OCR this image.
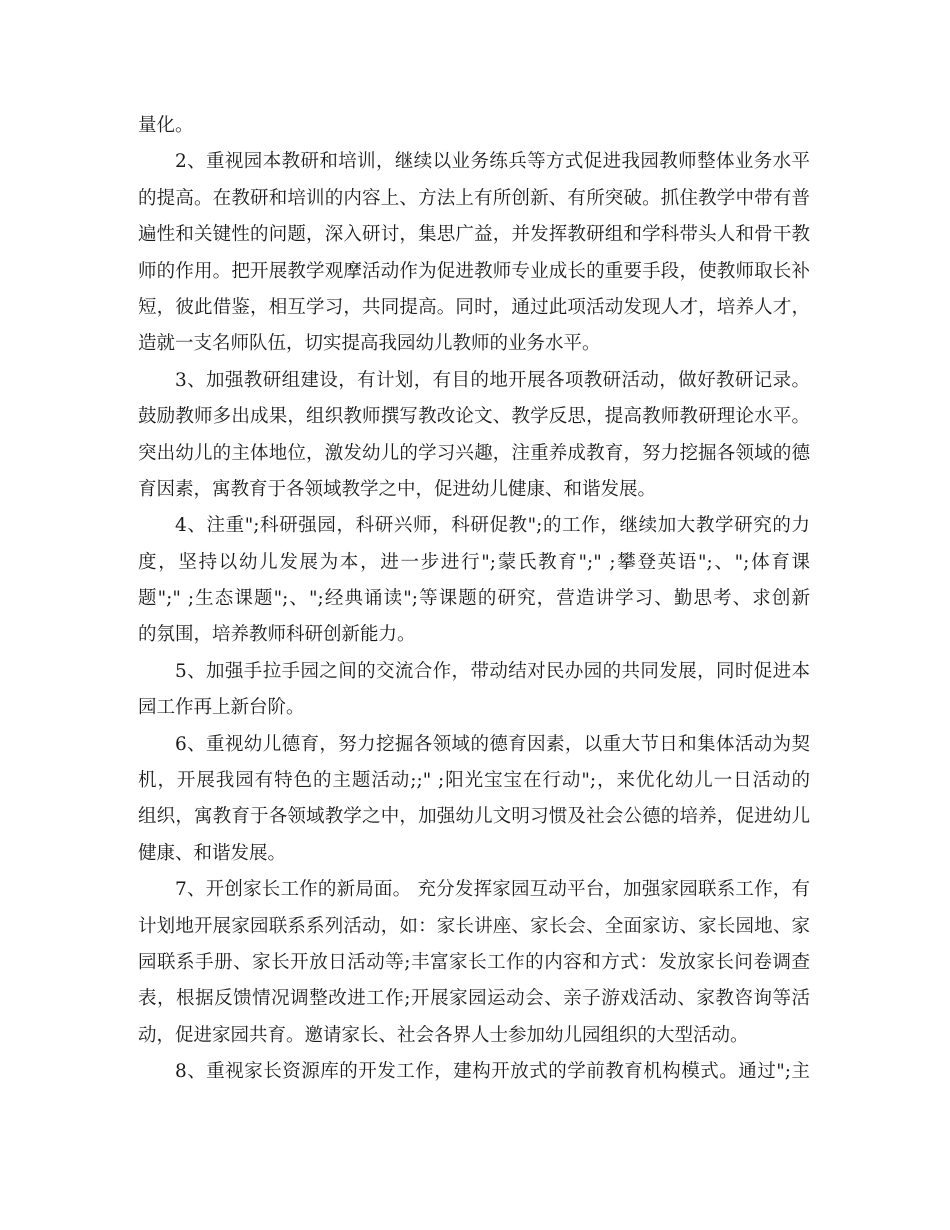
量化。
2、重视园本教研和培训，继续以业务练兵等方式促进我园教师整体业务水平
的提高。在教研和培训的内容上、方法上有所创新、有所突破。抓住教学中带有普
遍性和关键性的问题，深入研讨，集思广益，并发挥教研组和学科带头人和骨干教
师的作用。把开展教学观摩活动作为促进教师专业成长的重要手段，使教师取长补
短，彼此借鉴，相互学习，共同提高。同时，通过此项活动发现人才，培养人才，
造就一支名师队伍，切实提高我园幼儿教师的业务水平。
3、加强教研组建设，有计划，有目的地开展各项教研活动，做好教研记录。
鼓励教师多出成果，组织教师撰写教改论文、教学反思，提高教师教研理论水平。
突出幼儿的主体地位，激发幼儿的学习兴趣，注重养成教育，努力挖掘各领域的德
育因素，寓教育于各领域教学之中，促进幼儿健康、和谐发展。
4、注重";科研强园，科研兴师，科研促教";的工作，继续加大教学研究的力
度，坚持以幼儿发展为本，进一步进行";蒙氏教育";" ;攀登英语";、";体育课
题";" ;生态课题";、";经典诵读";等课题的研究，营造讲学习、勤思考、求创新
的氛围，培养教师科研创新能力。
5、加强手拉手园之间的交流合作，带动结对民办园的共同发展，同时促进本
园工作再上新台阶。
6、重视幼儿德育，努力挖掘各领域的德育因素，以重大节日和集体活动为契
机，开展我园有特色的主题活动;;" ;阳光宝宝在行动";，来优化幼儿一日活动的
组织，寓教育于各领域教学之中，加强幼儿文明习惯及社会公德的培养，促进幼儿
健康、和谐发展。
7、开创家长工作的新局面。 充分发挥家园互动平台，加强家园联系工作，有
计划地开展家园联系系列活动，如：家长讲座、家长会、全面家访、家长园地、家
园联系手册、家长开放日活动等;丰富家长工作的内容和方式：发放家长问卷调查
表，根据反馈情况调整改进工作;开展家园运动会、亲子游戏活动、家教咨询等活
动，促进家园共育。邀请家长、社会各界人士参加幼儿园组织的大型活动。
8、重视家长资源库的开发工作，建构开放式的学前教育机构模式。通过";主
